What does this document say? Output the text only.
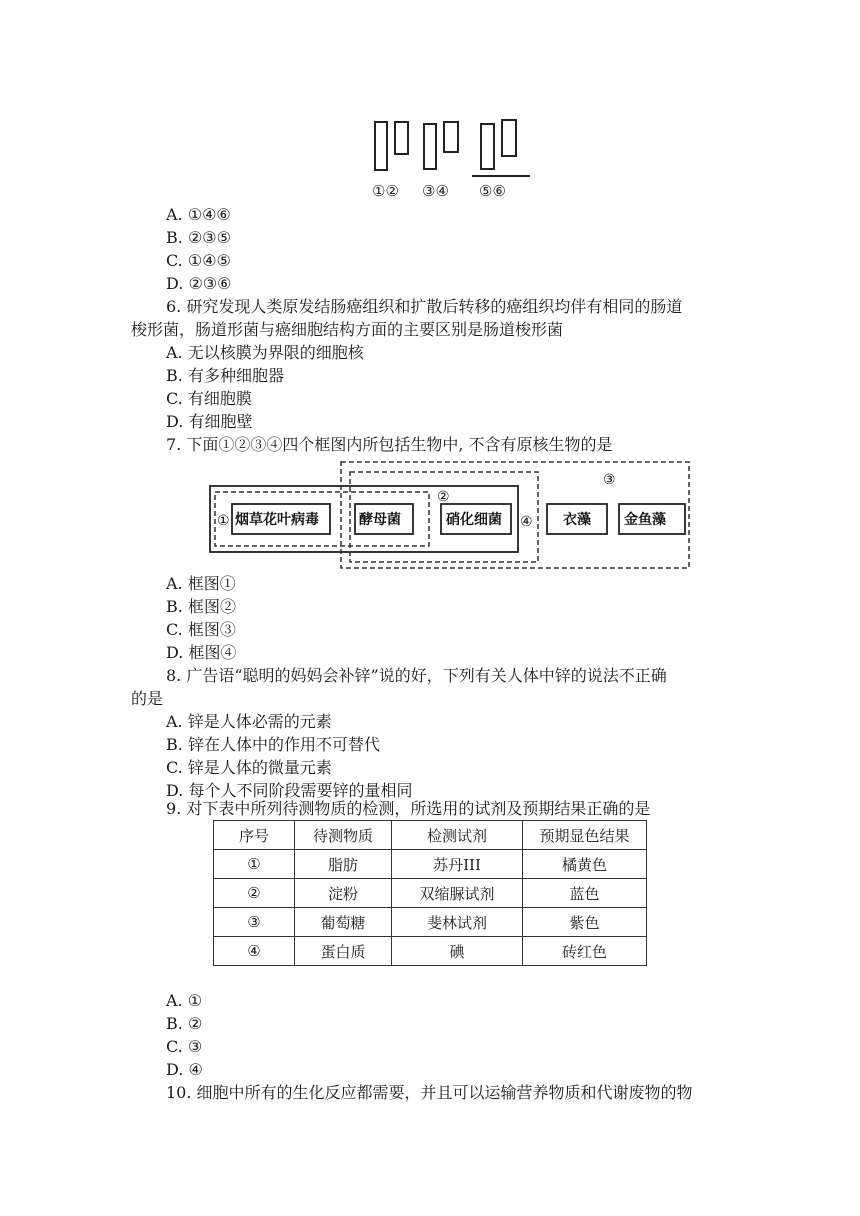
①② ③④ ⑤⑥
A. ①④⑥
B. ②③⑤
C. ①④⑤
D. ②③⑥
6. 研究发现人类原发结肠癌组织和扩散后转移的癌组织均伴有相同的肠道
梭形菌，肠道形菌与癌细胞结构方面的主要区别是肠道梭形菌
A. 无以核膜为界限的细胞核
B. 有多种细胞器
C. 有细胞膜
D. 有细胞壁
7. 下面①②③④四个框图内所包括生物中, 不含有原核生物的是
烟草花叶病毒	酵母菌	硝化细菌	衣藻 金鱼藻
①
②
③
④
A. 框图①
B. 框图②
C. 框图③
D. 框图④
8. 广告语“聪明的妈妈会补锌”说的好，下列有关人体中锌的说法不正确
的是
A. 锌是人体必需的元素
B. 锌在人体中的作用不可替代
C. 锌是人体的微量元素
D. 每个人不同阶段需要锌的量相同
9. 对下表中所列待测物质的检测，所选用的试剂及预期结果正确的是
序号	待测物质	检测试剂	预期显色结果
①	脂肪	苏丹III	橘黄色
②	淀粉	双缩脲试剂	蓝色
③	葡萄糖	斐林试剂	紫色
④	蛋白质	碘	砖红色
A. ①
B. ②
C. ③
D. ④
10. 细胞中所有的生化反应都需要，并且可以运输营养物质和代谢废物的物
